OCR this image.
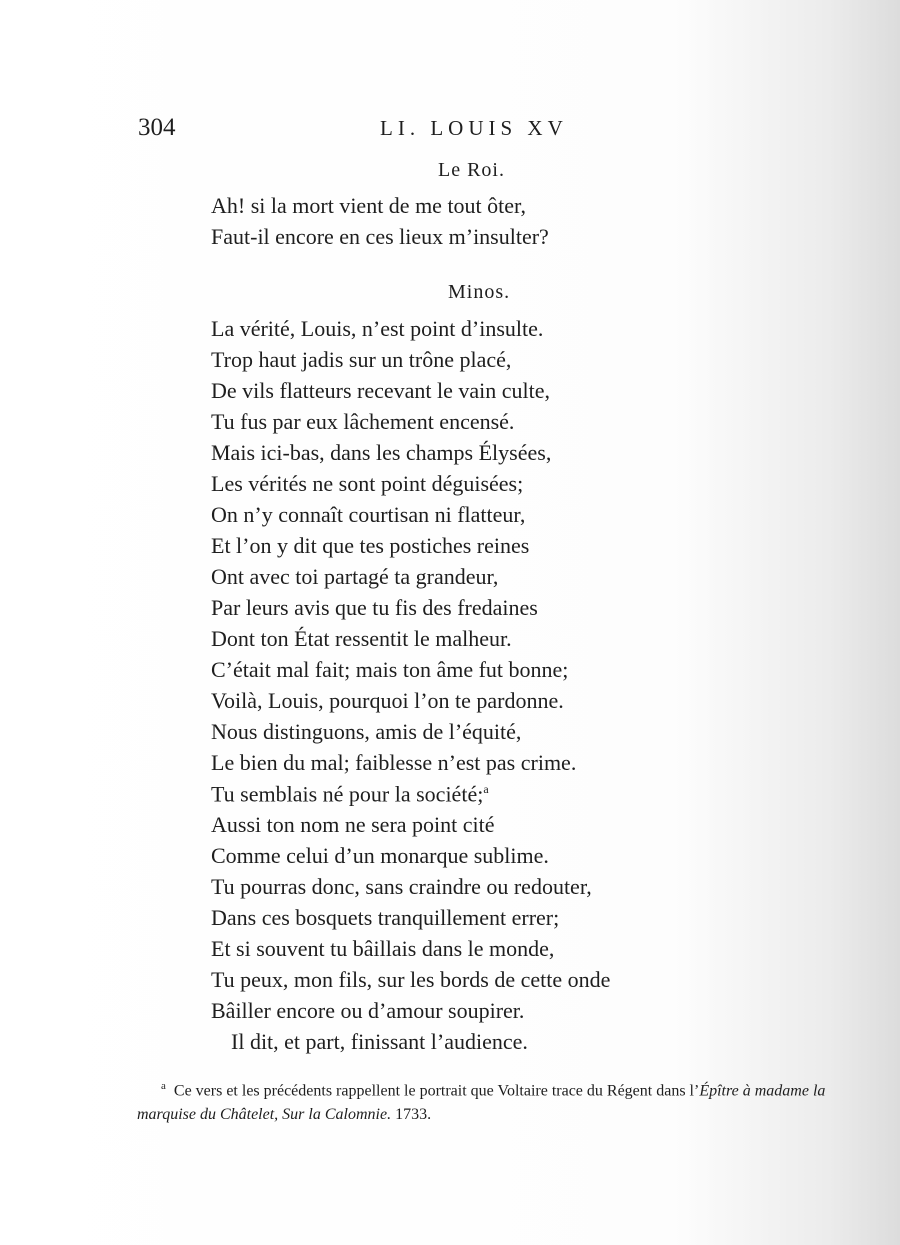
304	LI. LOUIS XV
Le Roi.
Ah! si la mort vient de me tout ôter,
Faut-il encore en ces lieux m’insulter?
Minos.
La vérité, Louis, n’est point d’insulte.
Trop haut jadis sur un trône placé,
De vils flatteurs recevant le vain culte,
Tu fus par eux lâchement encensé.
Mais ici-bas, dans les champs Élysées,
Les vérités ne sont point déguisées;
On n’y connaît courtisan ni flatteur,
Et l’on y dit que tes postiches reines
Ont avec toi partagé ta grandeur,
Par leurs avis que tu fis des fredaines
Dont ton État ressentit le malheur.
C’était mal fait; mais ton âme fut bonne;
Voilà, Louis, pourquoi l’on te pardonne.
Nous distinguons, amis de l’équité,
Le bien du mal; faiblesse n’est pas crime.
Tu semblais né pour la société;$^a$
Aussi ton nom ne sera point cité
Comme celui d’un monarque sublime.
Tu pourras donc, sans craindre ou redouter,
Dans ces bosquets tranquillement errer;
Et si souvent tu bâillais dans le monde,
Tu peux, mon fils, sur les bords de cette onde
Bâiller encore ou d’amour soupirer.
Il dit, et part, finissant l’audience.
$^a$ Ce vers et les précédents rappellent le portrait que Voltaire trace du Régent dans l’Épître à madame la marquise du Châtelet, Sur la Calomnie. 1733.
